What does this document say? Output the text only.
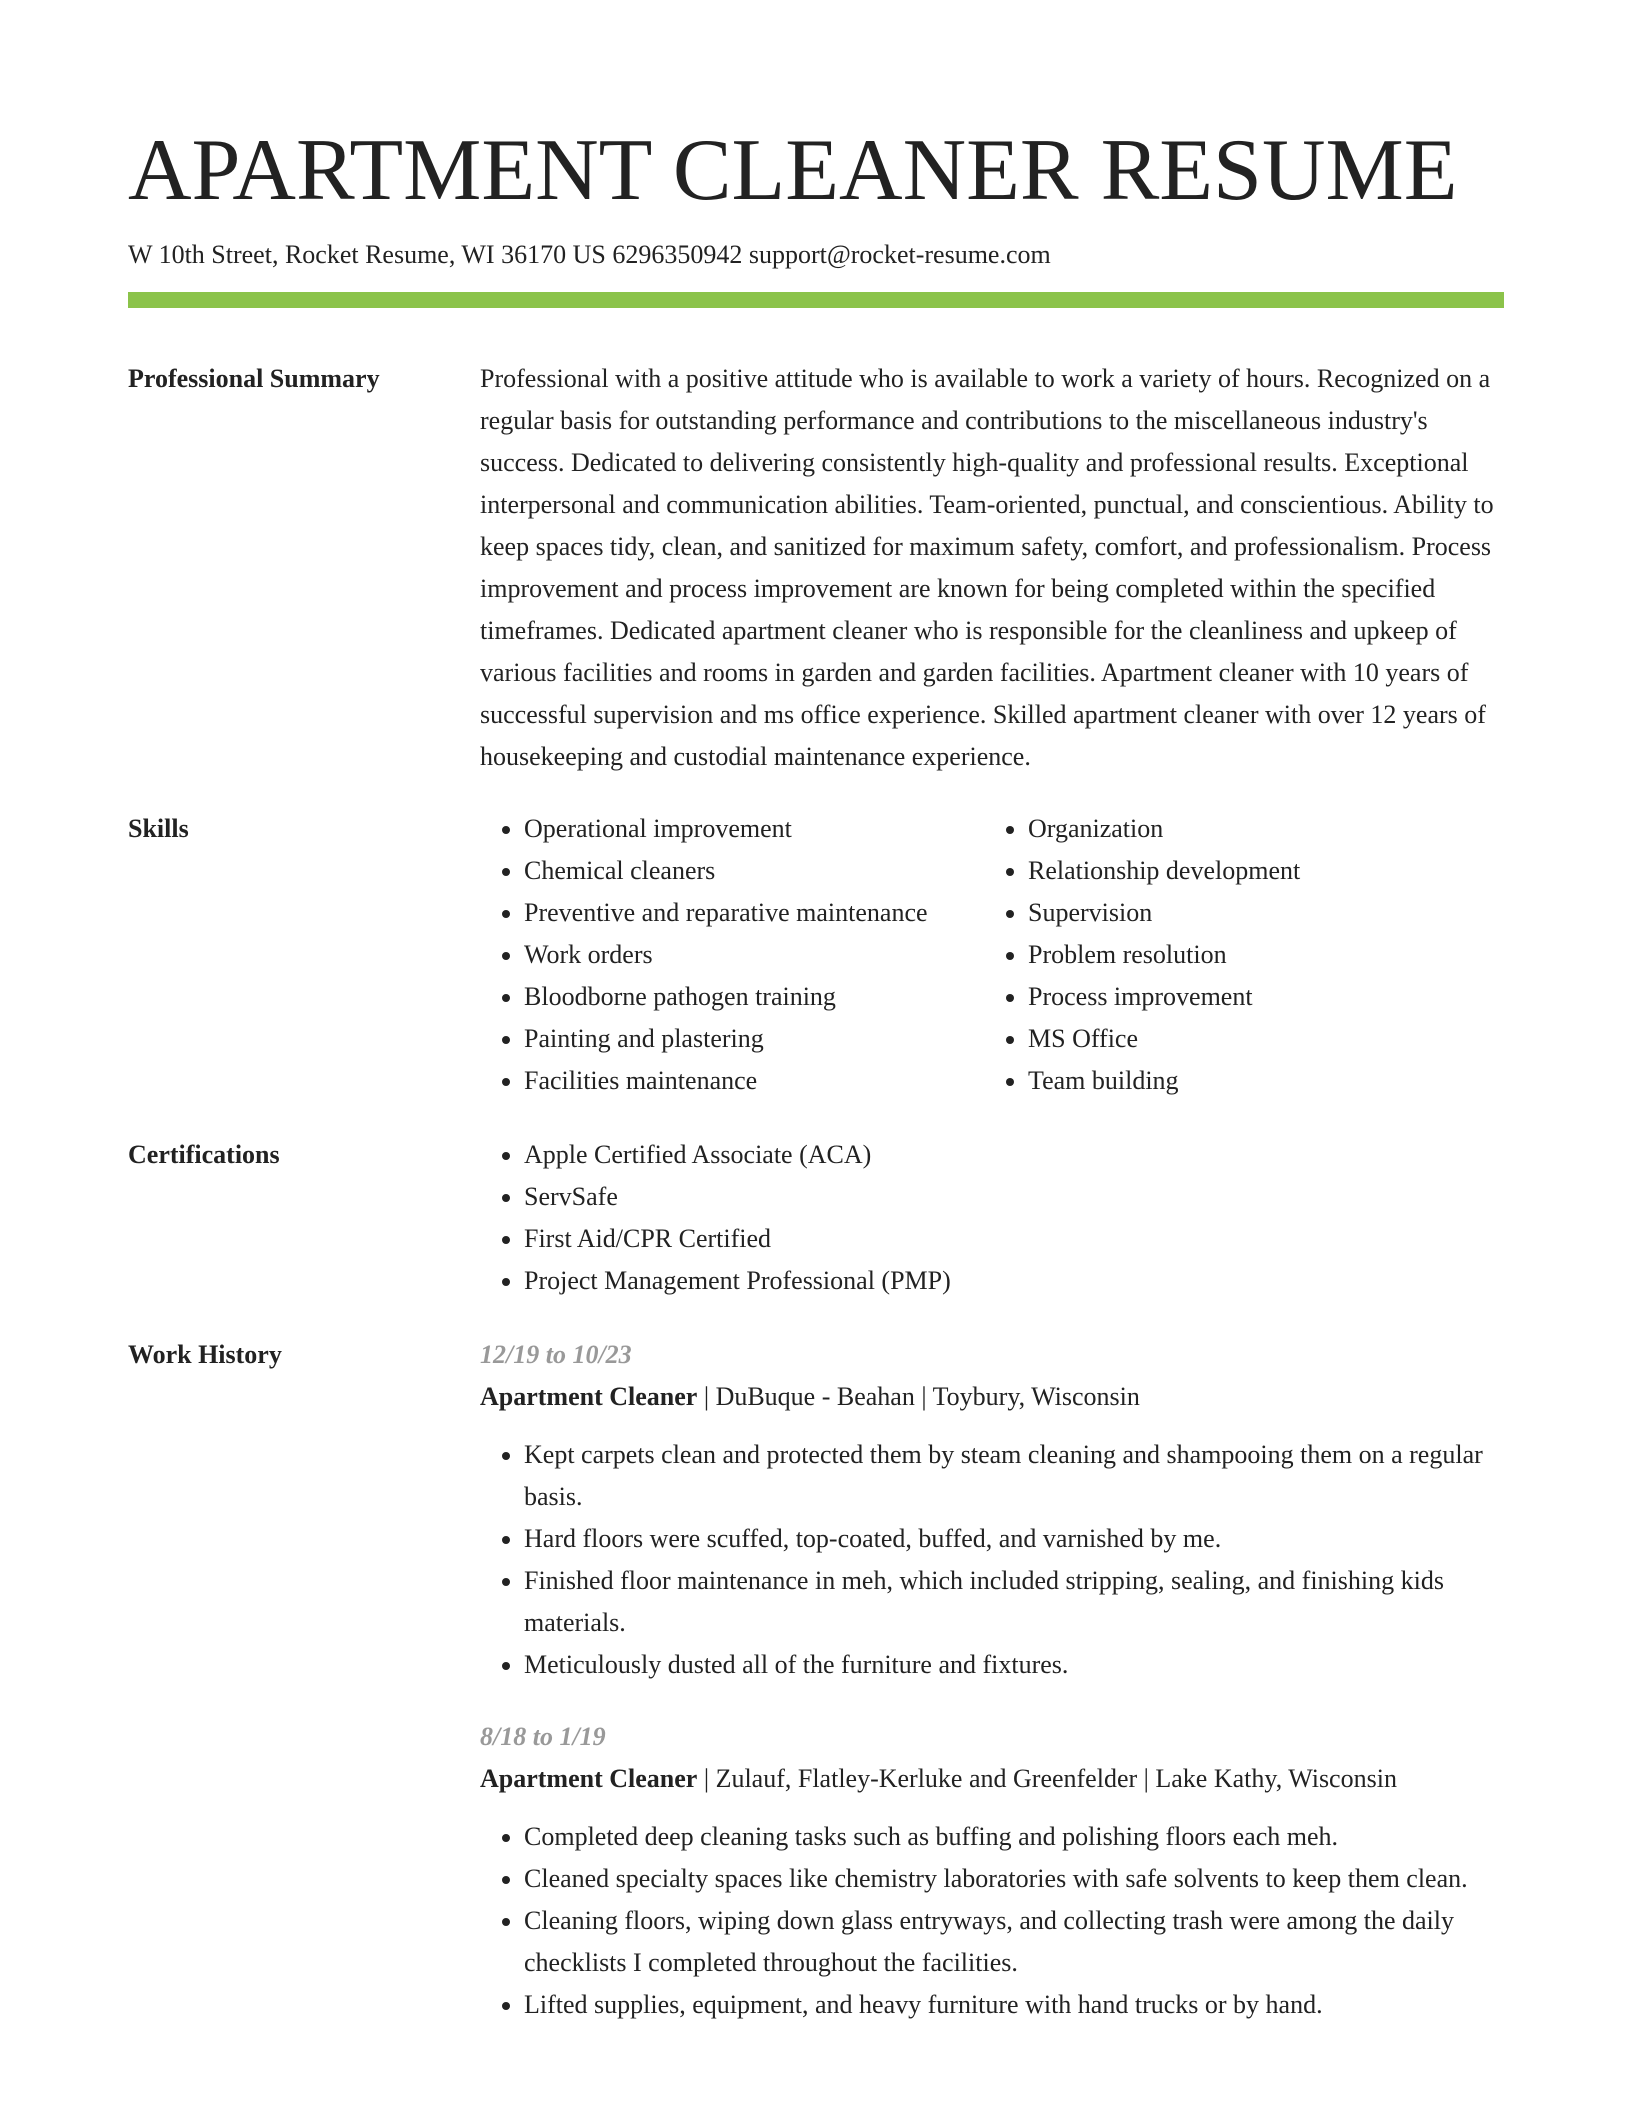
APARTMENT CLEANER RESUME
W 10th Street, Rocket Resume, WI 36170 US 6296350942 support@rocket-resume.com
Professional Summary	Professional with a positive attitude who is available to work a variety of hours. Recognized on a regular basis for outstanding performance and contributions to the miscellaneous industry's success. Dedicated to delivering consistently high-quality and professional results. Exceptional interpersonal and communication abilities. Team-oriented, punctual, and conscientious. Ability to keep spaces tidy, clean, and sanitized for maximum safety, comfort, and professionalism. Process improvement and process improvement are known for being completed within the specified timeframes. Dedicated apartment cleaner who is responsible for the cleanliness and upkeep of various facilities and rooms in garden and garden facilities. Apartment cleaner with 10 years of successful supervision and ms office experience. Skilled apartment cleaner with over 12 years of housekeeping and custodial maintenance experience.

Skills	• Operational improvement
• Chemical cleaners
• Preventive and reparative maintenance
• Work orders
• Bloodborne pathogen training
• Painting and plastering
• Facilities maintenance
• Organization
• Relationship development
• Supervision
• Problem resolution
• Process improvement
• MS Office
• Team building
Certifications	• Apple Certified Associate (ACA)
• ServSafe
• First Aid/CPR Certified
• Project Management Professional (PMP)
Work History	12/19 to 10/23
Apartment Cleaner | DuBuque - Beahan | Toybury, Wisconsin
• Kept carpets clean and protected them by steam cleaning and shampooing them on a regular basis.
• Hard floors were scuffed, top-coated, buffed, and varnished by me.
• Finished floor maintenance in meh, which included stripping, sealing, and finishing kids materials.
• Meticulously dusted all of the furniture and fixtures.
8/18 to 1/19
Apartment Cleaner | Zulauf, Flatley-Kerluke and Greenfelder | Lake Kathy, Wisconsin
• Completed deep cleaning tasks such as buffing and polishing floors each meh.
• Cleaned specialty spaces like chemistry laboratories with safe solvents to keep them clean.
• Cleaning floors, wiping down glass entryways, and collecting trash were among the daily checklists I completed throughout the facilities.
• Lifted supplies, equipment, and heavy furniture with hand trucks or by hand.
